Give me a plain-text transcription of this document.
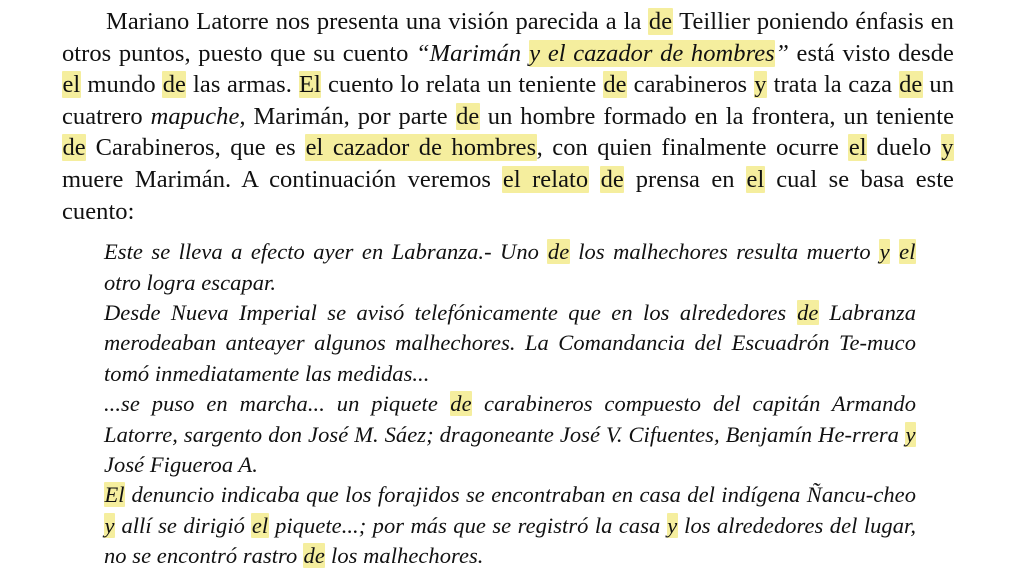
Mariano Latorre nos presenta una visión parecida a la de Teillier poniendo énfasis en otros puntos, puesto que su cuento “Marimán y el cazador de hombres” está visto desde el mundo de las armas. El cuento lo relata un teniente de carabineros y trata la caza de un cuatrero mapuche, Marimán, por parte de un hombre formado en la frontera, un teniente de Carabineros, que es el cazador de hombres, con quien finalmente ocurre el duelo y muere Marimán. A continuación veremos el relato de prensa en el cual se basa este cuento:

Este se lleva a efecto ayer en Labranza.- Uno de los malhechores resulta muerto y el otro logra escapar.

Desde Nueva Imperial se avisó telefónicamente que en los alrededores de Labranza merodeaban anteayer algunos malhechores. La Comandancia del Escuadrón Te-muco tomó inmediatamente las medidas...

...se puso en marcha... un piquete de carabineros compuesto del capitán Armando Latorre, sargento don José M. Sáez; dragoneante José V. Cifuentes, Benjamín He-rrera y José Figueroa A.

El denuncio indicaba que los forajidos se encontraban en casa del indígena Ñancu-cheo y allí se dirigió el piquete...; por más que se registró la casa y los alrededores del lugar, no se encontró rastro de los malhechores.
